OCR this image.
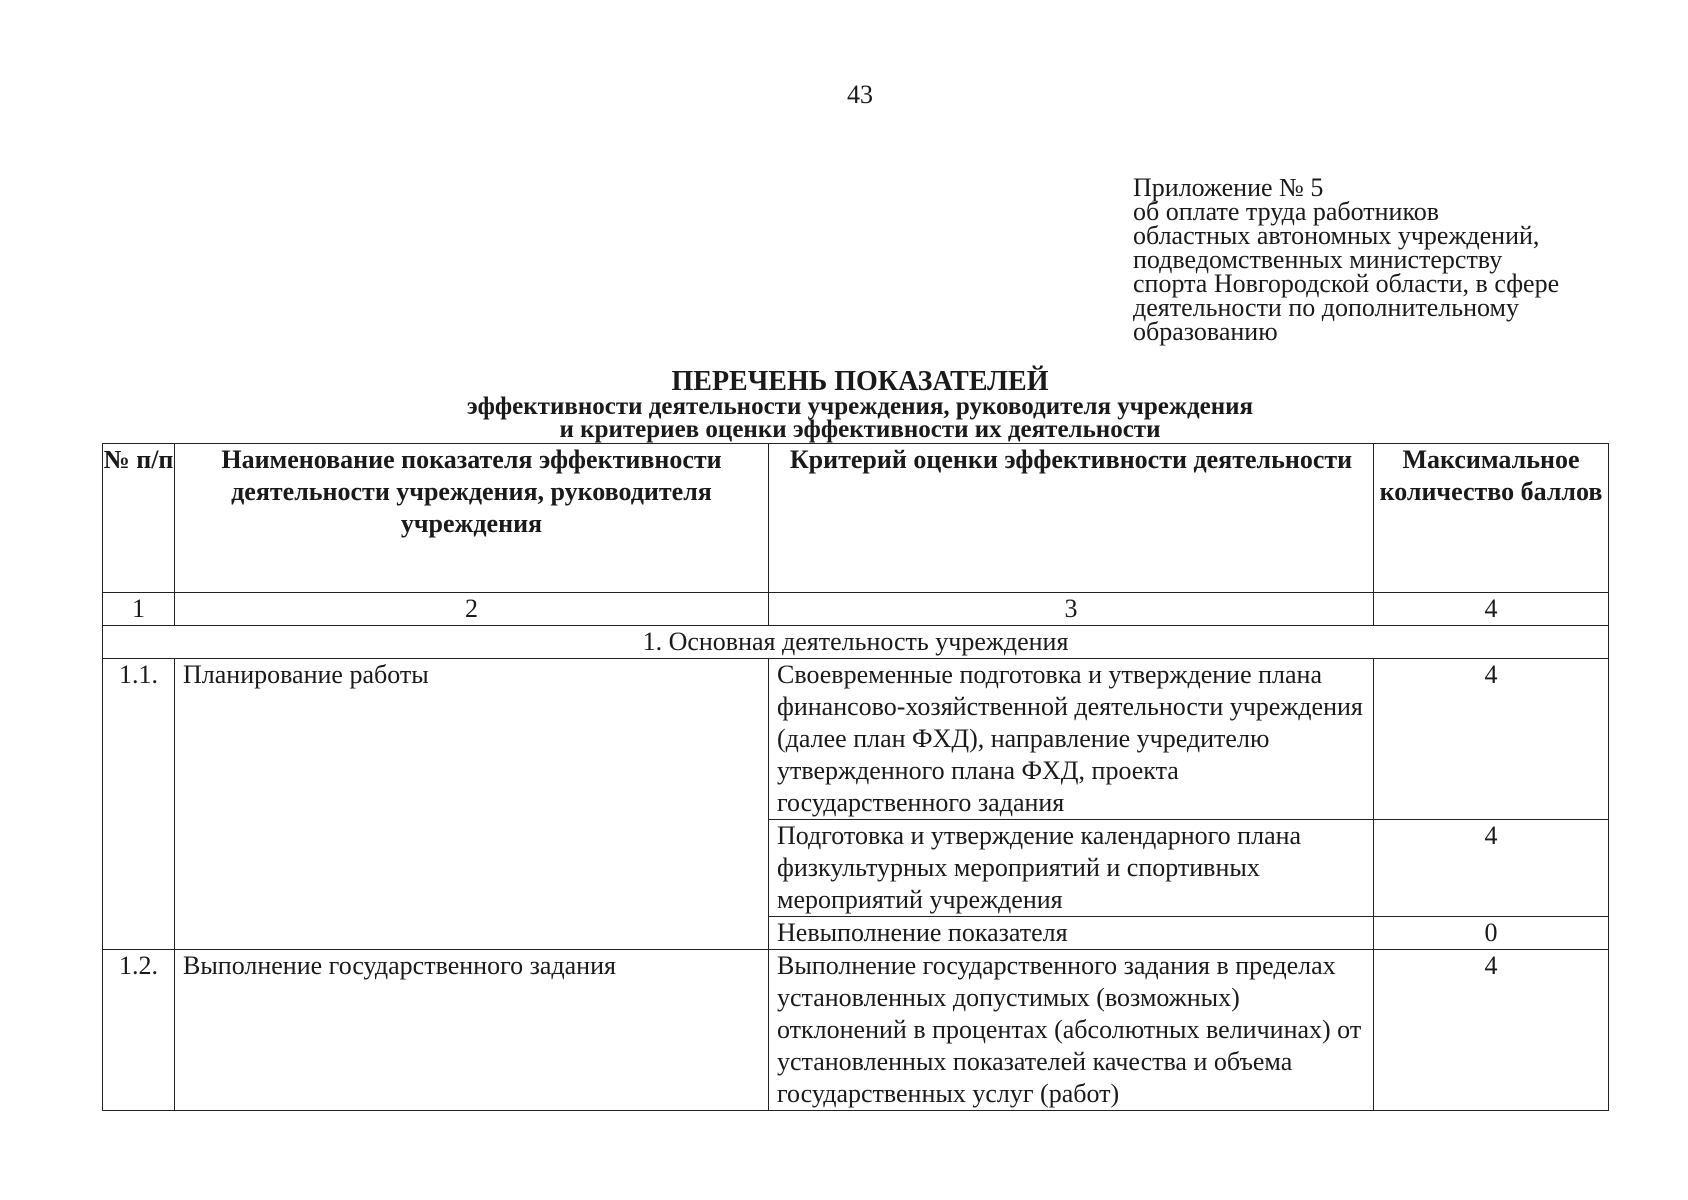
43
Приложение № 5
об оплате труда работников
областных автономных учреждений,
подведомственных министерству
спорта Новгородской области, в сфере
деятельности по дополнительному
образованию
ПЕРЕЧЕНЬ ПОКАЗАТЕЛЕЙ
эффективности деятельности учреждения, руководителя учреждения
и критериев оценки эффективности их деятельности
№ п/п	Наименование показателя эффективности деятельности учреждения, руководителя учреждения	Критерий оценки эффективности деятельности	Максимальное количество баллов
1	2	3	4
1. Основная деятельность учреждения			
1.1.	Планирование работы	Своевременные подготовка и утверждение плана финансово-хозяйственной деятельности учреждения (далее план ФХД), направление учредителю утвержденного плана ФХД, проекта государственного задания	4
		Подготовка и утверждение календарного плана физкультурных мероприятий и спортивных мероприятий учреждения	4
		Невыполнение показателя	0
1.2.	Выполнение государственного задания	Выполнение государственного задания в пределах установленных допустимых (возможных) отклонений в процентах (абсолютных величинах) от установленных показателей качества и объема государственных услуг (работ)	4
